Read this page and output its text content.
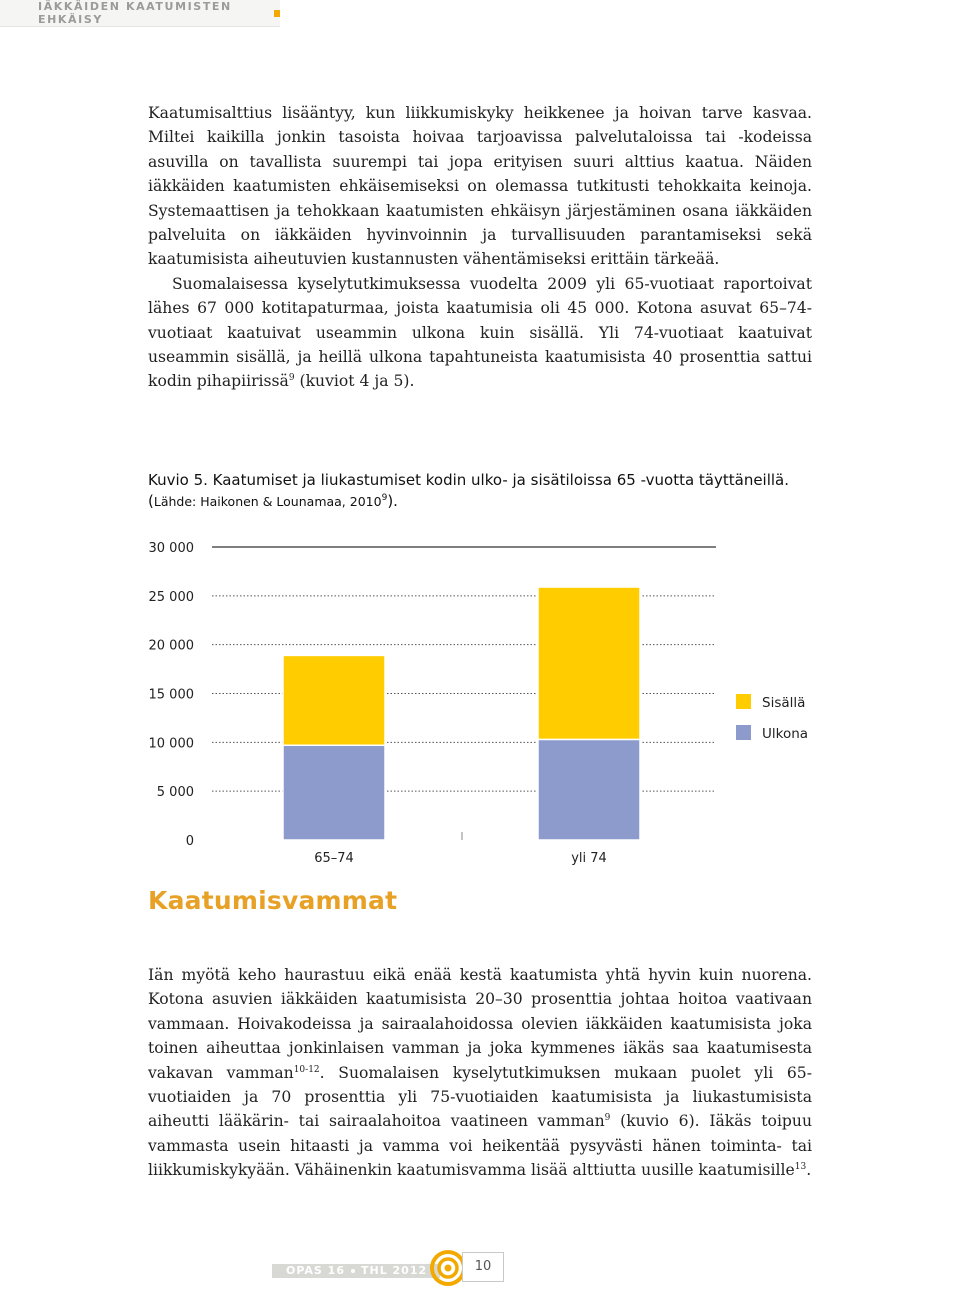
IÄKKÄIDEN KAATUMISTEN EHKÄISY

Kaatumisalttius lisääntyy, kun liikkumiskyky heikkenee ja hoivan tarve kasvaa. Miltei kaikilla jonkin tasoista hoivaa tarjoavissa palvelutaloissa tai -kodeissa asuvilla on tavallista suurempi tai jopa erityisen suuri alttius kaatua. Näiden iäkkäiden kaatumisten ehkäisemiseksi on olemassa tutkitusti tehokkaita keinoja. Systemaattisen ja tehokkaan kaatumisten ehkäisyn järjestäminen osana iäkkäiden palveluita on iäkkäiden hyvinvoinnin ja turvallisuuden parantamiseksi sekä kaatumisista aiheutuvien kustannusten vähentämiseksi erittäin tärkeää.

Suomalaisessa kyselytutkimuksessa vuodelta 2009 yli 65-vuotiaat raportoivat lähes 67 000 kotitapaturmaa, joista kaatumisia oli 45 000. Kotona asuvat 65–74-vuotiaat kaatuivat useammin ulkona kuin sisällä. Yli 74-vuotiaat kaatuivat useammin sisällä, ja heillä ulkona tapahtuneista kaatumisista 40 prosenttia sattui kodin pihapiirissä$^9$ (kuviot 4 ja 5).

Kuvio 5. Kaatumiset ja liukastumiset kodin ulko- ja sisätiloissa 65 -vuotta täyttäneillä. (Lähde: Haikonen & Lounamaa, 2010$^9$).
0
5 000
10 000
15 000
20 000
25 000
30 000
65–74	yli 74
Sisällä
Ulkona
Kaatumisvammat

Iän myötä keho haurastuu eikä enää kestä kaatumista yhtä hyvin kuin nuorena. Kotona asuvien iäkkäiden kaatumisista 20–30 prosenttia johtaa hoitoa vaativaan vammaan. Hoivakodeissa ja sairaalahoidossa olevien iäkkäiden kaatumisista joka toinen aiheuttaa jonkinlaisen vamman ja joka kymmenes iäkäs saa kaatumisesta vakavan vamman$^{10-12}$. Suomalaisen kyselytutkimuksen mukaan puolet yli 65-vuotiaiden ja 70 prosenttia yli 75-vuotiaiden kaatumisista ja liukastumisista aiheutti lääkärin- tai sairaalahoitoa vaatineen vamman$^9$ (kuvio 6). Iäkäs toipuu vammasta usein hitaasti ja vamma voi heikentää pysyvästi hänen toiminta- tai liikkumiskykyään. Vähäinenkin kaatumisvamma lisää alttiutta uusille kaatumisille$^{13}$.

OPAS 16 THL 2012	10
